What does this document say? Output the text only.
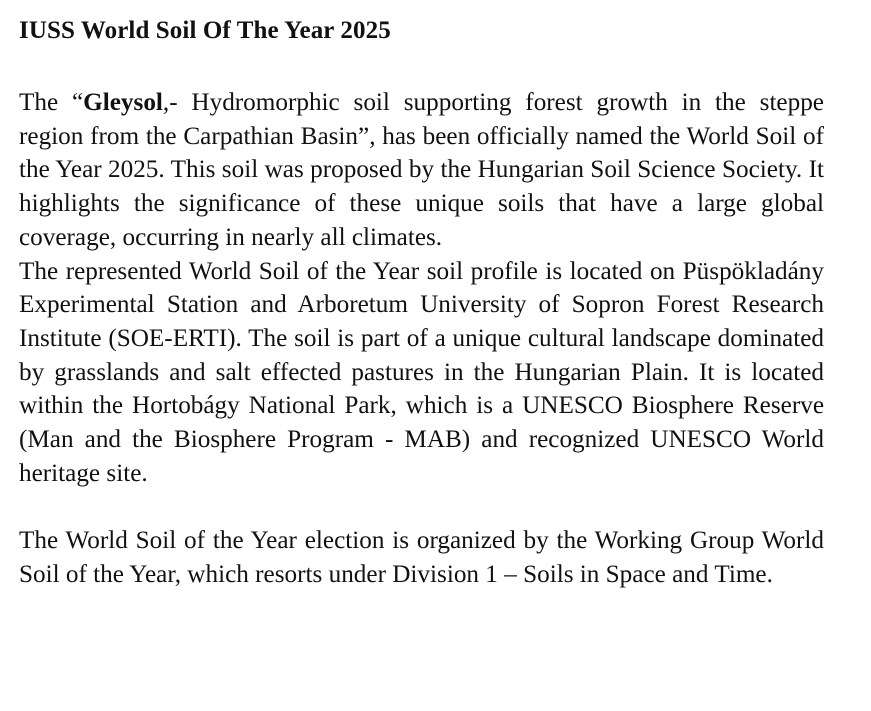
IUSS World Soil Of The Year 2025

The “Gleysol,- Hydromorphic soil supporting forest growth in the steppe region from the Carpathian Basin”, has been officially named the World Soil of the Year 2025. This soil was proposed by the Hungarian Soil Science Society. It highlights the significance of these unique soils that have a large global coverage, occurring in nearly all climates.

The represented World Soil of the Year soil profile is located on Püspökladány Experimental Station and Arboretum University of Sopron Forest Research Institute (SOE-ERTI). The soil is part of a unique cultural landscape dominated by grasslands and salt effected pastures in the Hungarian Plain. It is located within the Hortobágy National Park, which is a UNESCO Biosphere Reserve (Man and the Biosphere Program - MAB) and recognized UNESCO World heritage site.

The World Soil of the Year election is organized by the Working Group World Soil of the Year, which resorts under Division 1 – Soils in Space and Time.
